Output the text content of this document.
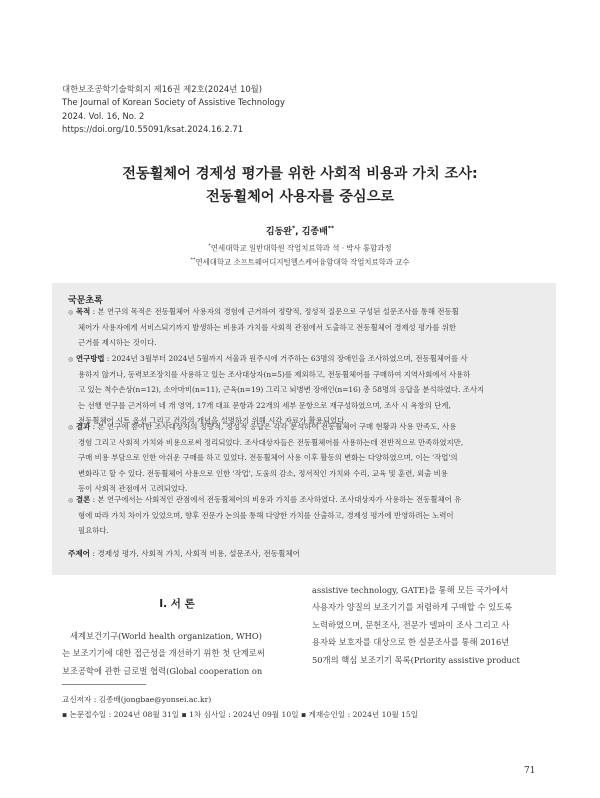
대한보조공학기술학회지 제16권 제2호(2024년 10월)
The Journal of Korean Society of Assistive Technology
2024. Vol. 16, No. 2
https://doi.org/10.55091/ksat.2024.16.2.71
전동휠체어 경제성 평가를 위한 사회적 비용과 가치 조사:
전동휠체어 사용자를 중심으로
김동완*, 김종배**
*연세대학교 일반대학원 작업치료학과 석 · 박사 통합과정
**연세대학교 소프트웨어디지털헬스케어융합대학 작업치료학과 교수
국문초록
◎ 목적 : 본 연구의 목적은 전동휠체어 사용자의 경험에 근거하여 정량적, 정성적 질문으로 구성된 설문조사를 통해 전동휠
체어가 사용자에게 서비스되기까지 발생하는 비용과 가치를 사회적 관점에서 도출하고 전동휠체어 경제성 평가를 위한
근거를 제시하는 것이다.
◎ 연구방법 : 2024년 3월부터 2024년 5월까지 서울과 원주시에 거주하는 63명의 장애인을 조사하였으며, 전동휠체어를 사
용하지 않거나, 동력보조장치를 사용하고 있는 조사대상자(n=5)를 제외하고, 전동휠체어를 구매하여 지역사회에서 사용하
고 있는 척수손상(n=12), 소아마비(n=11), 근육(n=19) 그리고 뇌병변 장애인(n=16) 총 58명의 응답을 분석하였다. 조사지
는 선행 연구를 근거하여 네 개 영역, 17개 대표 문항과 22개의 세부 문항으로 재구성하였으며, 조사 시 욕창의 단계,
전동휠체어 시트 옵션 그리고 건강의 개념을 설명하기 위해 시각 자료가 활용되었다.
◎ 결과 : 본 연구에 참여한 조사대상자의 정량적, 정성적 응답은 각각 분석하여 전동휠체어 구매 현황과 사용 만족도, 사용
경험 그리고 사회적 가치와 비용으로써 정리되었다. 조사대상자들은 전동휠체어를 사용하는데 전반적으로 만족하였지만,
구매 비용 부담으로 인한 아쉬운 구매를 하고 있었다. 전동휠체어 사용 이후 활동의 변화는 다양하였으며, 이는 '작업'의
변화라고 할 수 있다. 전동휠체어 사용으로 인한 '작업', 도움의 감소, 정서적인 가치와 수리, 교육 및 훈련, 외출 비용
등이 사회적 관점에서 고려되었다.
◎ 결론 : 본 연구에서는 사회적인 관점에서 전동휠체어의 비용과 가치를 조사하였다. 조사대상자가 사용하는 전동휠체어 유
형에 따라 가치 차이가 있었으며, 향후 전문가 논의를 통해 다양한 가치를 산출하고, 경제성 평가에 반영하려는 노력이
필요하다.
주제어 : 경제성 평가, 사회적 가치, 사회적 비용, 설문조사, 전동휠체어
Ⅰ. 서 론
세계보건기구(World health organization, WHO)
는 보조기기에 대한 접근성을 개선하기 위한 첫 단계로써
보조공학에 관한 글로벌 협력(Global cooperation on
assistive technology, GATE)을 통해 모든 국가에서
사용자가 양질의 보조기기를 저렴하게 구매할 수 있도록
노력하였으며, 문헌조사, 전문가 델파이 조사 그리고 사
용자와 보호자를 대상으로 한 설문조사를 통해 2016년
50개의 핵심 보조기기 목록(Priority assistive product
교신저자 : 김종배(jongbae@yonsei.ac.kr)
▪ 논문접수일 : 2024년 08월 31일 ▪ 1차 심사일 : 2024년 09월 10일 ▪ 게재승인일 : 2024년 10월 15일
71
